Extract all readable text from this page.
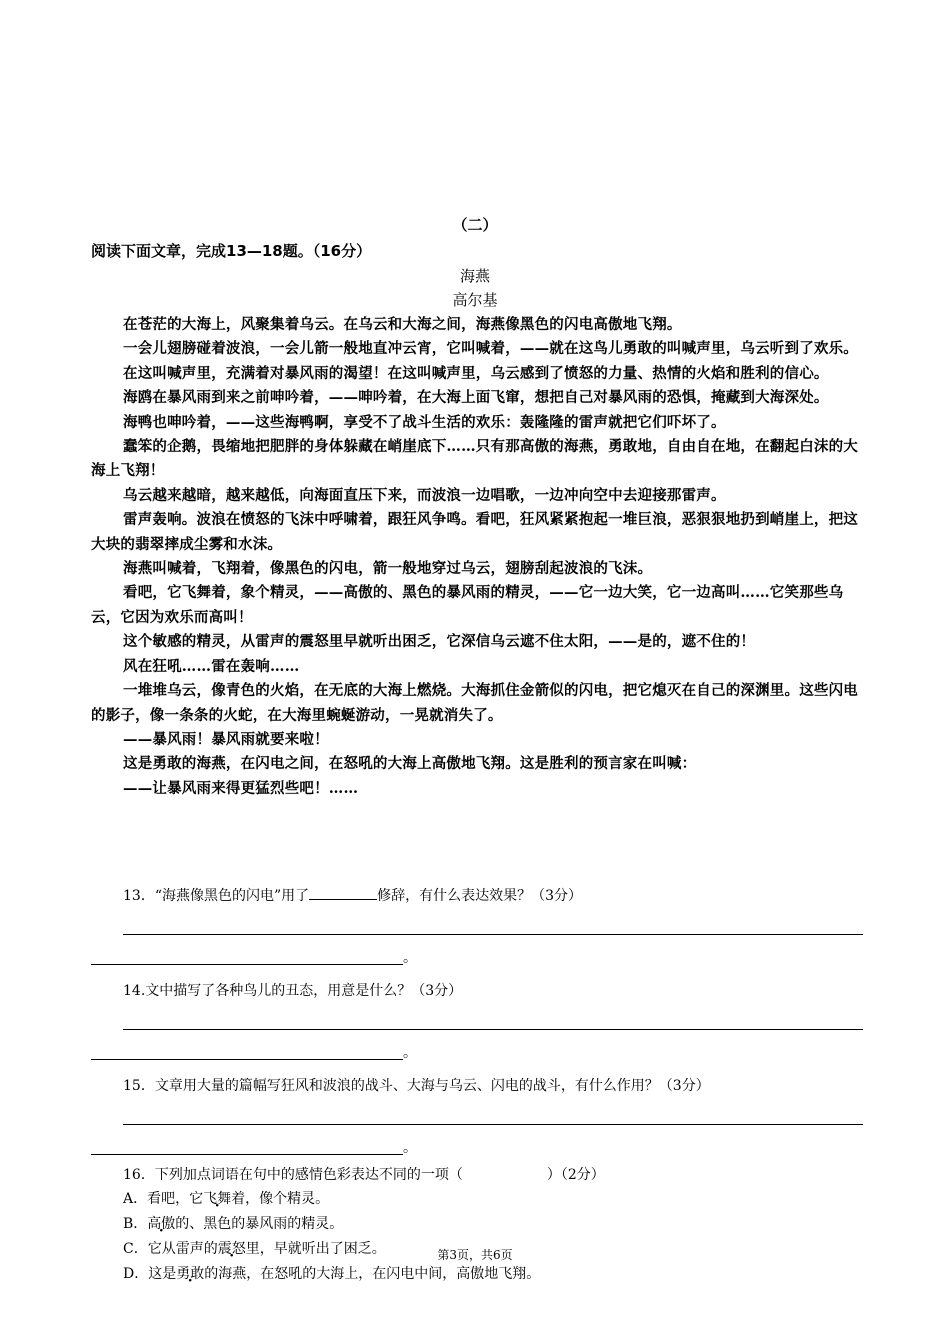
（二）
阅读下面文章，完成13—18题。（16分）
海燕
高尔基

在苍茫的大海上，风聚集着乌云。在乌云和大海之间，海燕像黑色的闪电高傲地飞翔。

一会儿翅膀碰着波浪，一会儿箭一般地直冲云宵，它叫喊着，——就在这鸟儿勇敢的叫喊声里，乌云听到了欢乐。

在这叫喊声里，充满着对暴风雨的渴望！在这叫喊声里，乌云感到了愤怒的力量、热情的火焰和胜利的信心。

海鸥在暴风雨到来之前呻吟着，——呻吟着，在大海上面飞窜，想把自己对暴风雨的恐惧，掩藏到大海深处。

海鸭也呻吟着，——这些海鸭啊，享受不了战斗生活的欢乐：轰隆隆的雷声就把它们吓坏了。

蠢笨的企鹅，畏缩地把肥胖的身体躲藏在峭崖底下……只有那高傲的海燕，勇敢地，自由自在地，在翻起白沫的大海上飞翔！

乌云越来越暗，越来越低，向海面直压下来，而波浪一边唱歌，一边冲向空中去迎接那雷声。

雷声轰响。波浪在愤怒的飞沫中呼啸着，跟狂风争鸣。看吧，狂风紧紧抱起一堆巨浪，恶狠狠地扔到峭崖上，把这大块的翡翠摔成尘雾和水沫。

海燕叫喊着，飞翔着，像黑色的闪电，箭一般地穿过乌云，翅膀刮起波浪的飞沫。

看吧，它飞舞着，象个精灵，——高傲的、黑色的暴风雨的精灵，——它一边大笑，它一边高叫……它笑那些乌云，它因为欢乐而高叫！

这个敏感的精灵，从雷声的震怒里早就听出困乏，它深信乌云遮不住太阳，——是的，遮不住的！

风在狂吼……雷在轰响……

一堆堆乌云，像青色的火焰，在无底的大海上燃烧。大海抓住金箭似的闪电，把它熄灭在自己的深渊里。这些闪电的影子，像一条条的火蛇，在大海里蜿蜒游动，一晃就消失了。

——暴风雨！暴风雨就要来啦！

这是勇敢的海燕，在闪电之间，在怒吼的大海上高傲地飞翔。这是胜利的预言家在叫喊：

——让暴风雨来得更猛烈些吧！……

13．“海燕像黑色的闪电”用了	修辞，有什么表达效果？（3分）

。

14.文中描写了各种鸟儿的丑态，用意是什么？（3分）

。

15．文章用大量的篇幅写狂风和波浪的战斗、大海与乌云、闪电的战斗，有什么作用？（3分）

。

16．下列加点词语在句中的感情色彩表达不同的一项（　　　　　　）（2分）

A．看吧，它飞舞着，像个精灵。

B．高傲的、黑色的暴风雨的精灵。

C．它从雷声的震怒里，早就听出了困乏。

D．这是勇敢的海燕，在怒吼的大海上，在闪电中间，高傲地飞翔。

第3页，共6页
